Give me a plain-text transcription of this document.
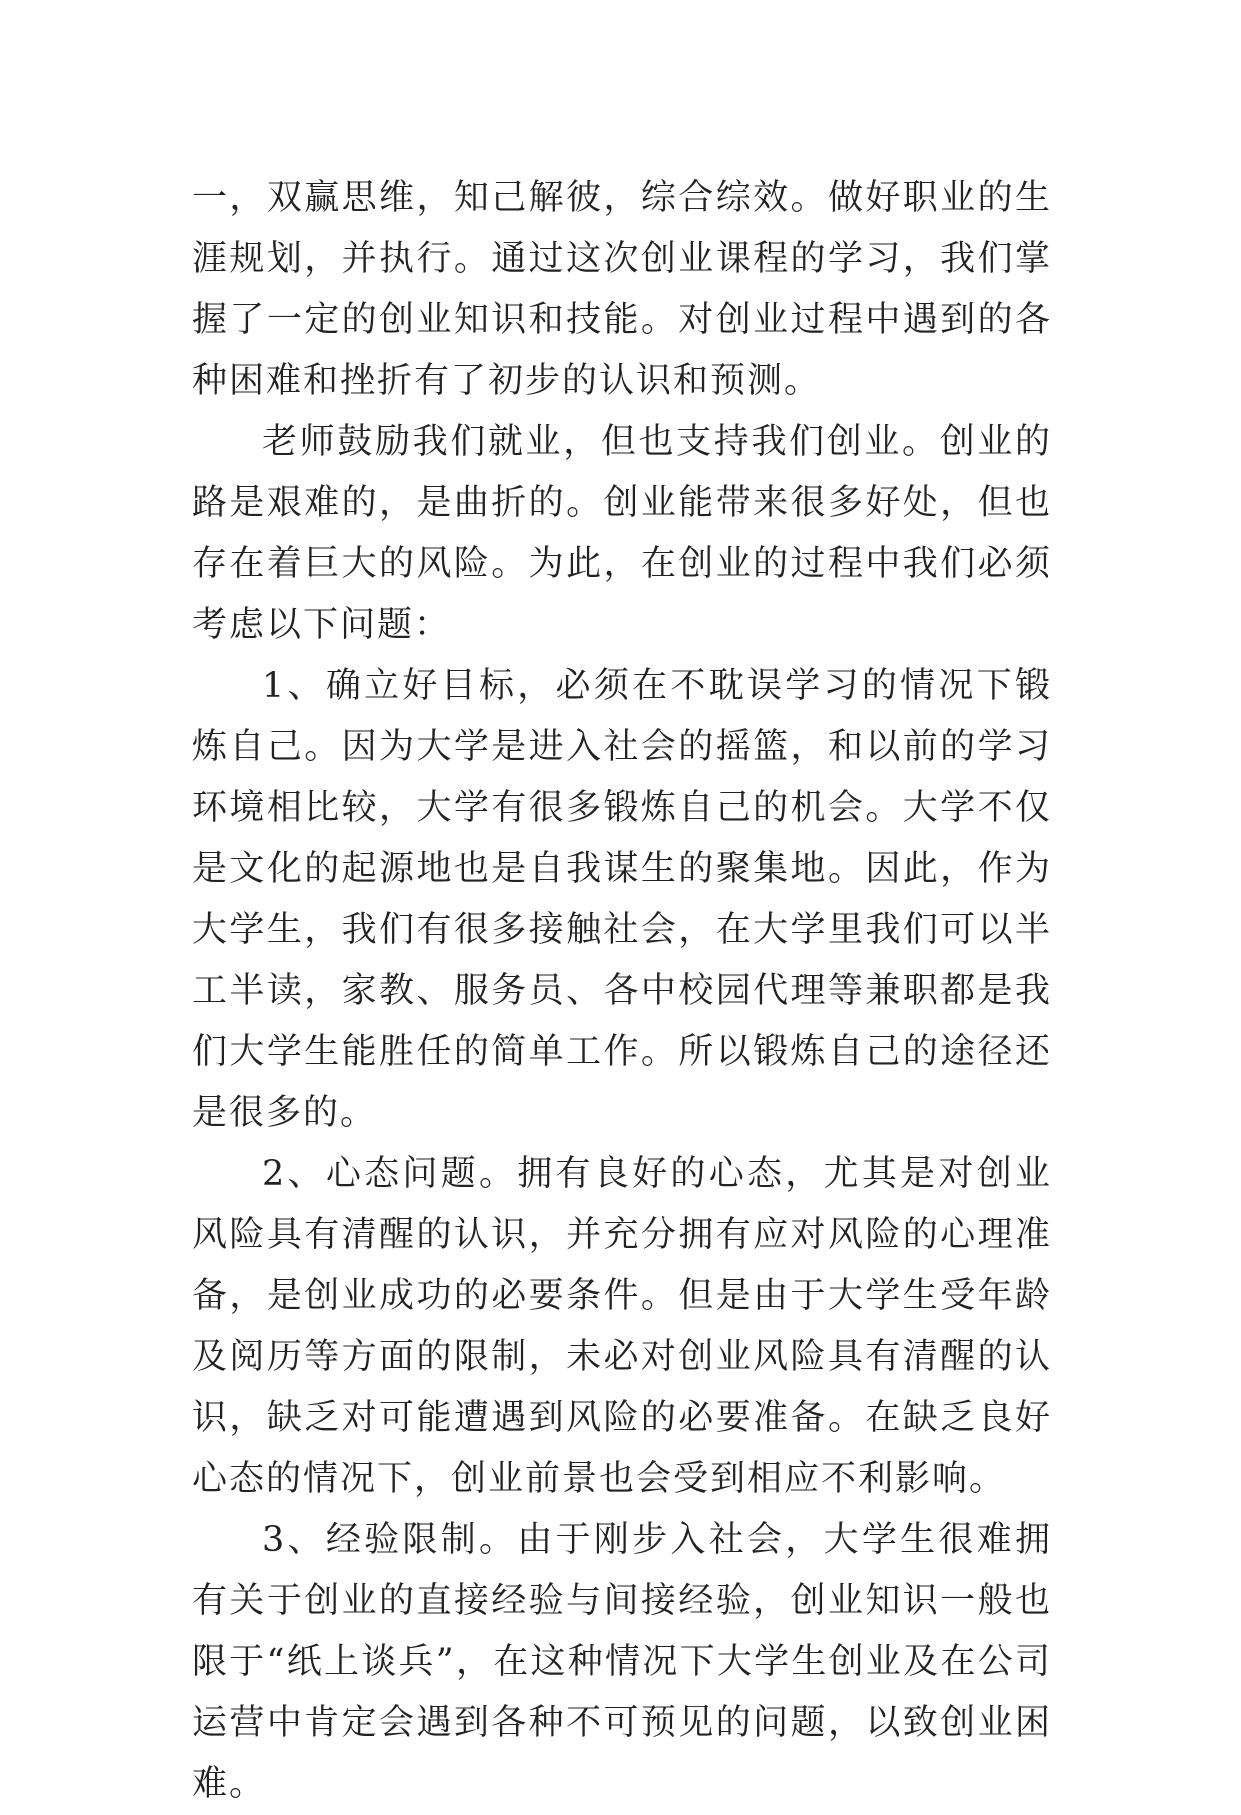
一，双赢思维，知己解彼，综合综效。做好职业的生涯规划，并执行。通过这次创业课程的学习，我们掌握了一定的创业知识和技能。对创业过程中遇到的各种困难和挫折有了初步的认识和预测。

老师鼓励我们就业，但也支持我们创业。创业的路是艰难的，是曲折的。创业能带来很多好处，但也存在着巨大的风险。为此，在创业的过程中我们必须考虑以下问题：

1、确立好目标，必须在不耽误学习的情况下锻炼自己。因为大学是进入社会的摇篮，和以前的学习环境相比较，大学有很多锻炼自己的机会。大学不仅是文化的起源地也是自我谋生的聚集地。因此，作为大学生，我们有很多接触社会，在大学里我们可以半工半读，家教、服务员、各中校园代理等兼职都是我们大学生能胜任的简单工作。所以锻炼自己的途径还是很多的。

2、心态问题。拥有良好的心态，尤其是对创业风险具有清醒的认识，并充分拥有应对风险的心理准备，是创业成功的必要条件。但是由于大学生受年龄及阅历等方面的限制，未必对创业风险具有清醒的认识，缺乏对可能遭遇到风险的必要准备。在缺乏良好心态的情况下，创业前景也会受到相应不利影响。

3、经验限制。由于刚步入社会，大学生很难拥有关于创业的直接经验与间接经验，创业知识一般也限于“纸上谈兵”，在这种情况下大学生创业及在公司运营中肯定会遇到各种不可预见的问题，以致创业困难。
